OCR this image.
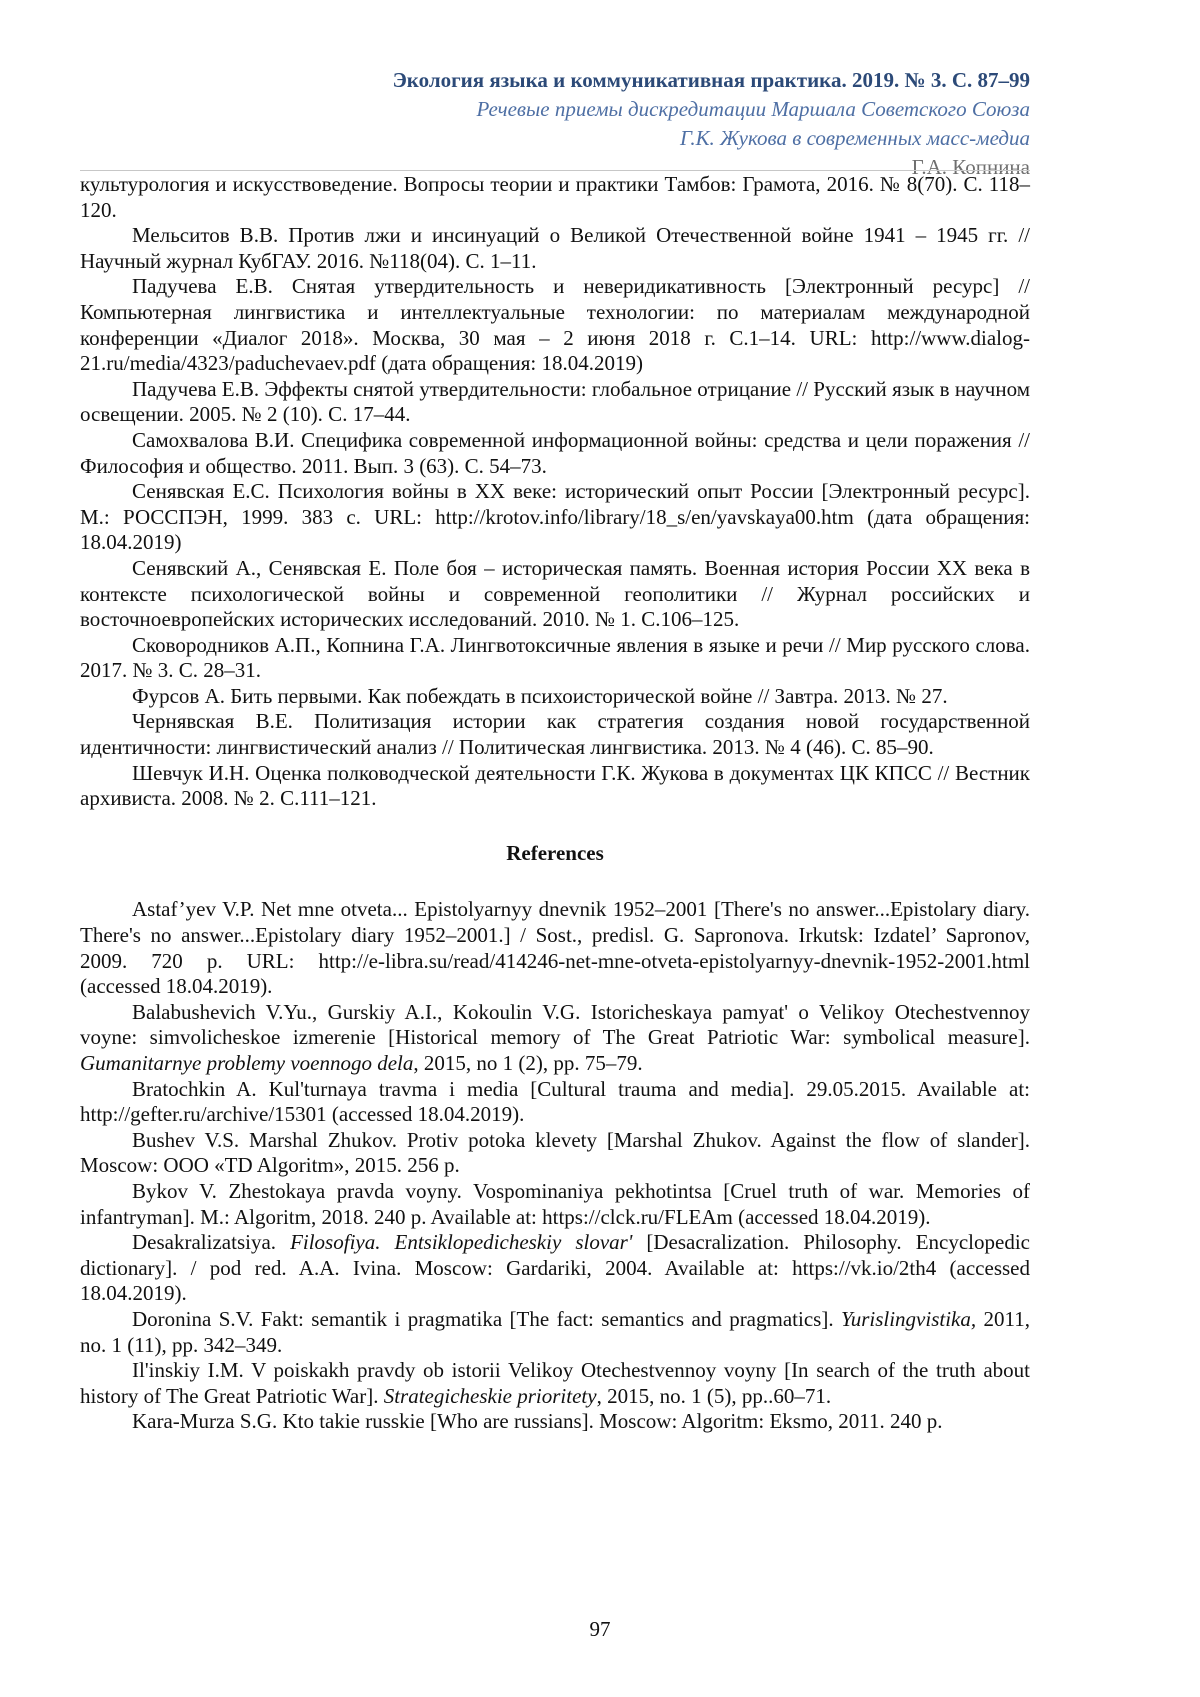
Экология языка и коммуникативная практика. 2019. № 3. С. 87–99
Речевые приемы дискредитации Маршала Советского Союза
Г.К. Жукова в современных масс-медиа
Г.А. Копнина

культурология и искусствоведение. Вопросы теории и практики Тамбов: Грамота, 2016. № 8(70). С. 118–120.

Мельситов В.В. Против лжи и инсинуаций о Великой Отечественной войне 1941 – 1945 гг. // Научный журнал КубГАУ. 2016. №118(04). С. 1–11.

Падучева Е.В. Снятая утвердительность и неверидикативность [Электронный ресурс] // Компьютерная лингвистика и интеллектуальные технологии: по материалам международной конференции «Диалог 2018». Москва, 30 мая – 2 июня 2018 г. С.1–14. URL: http://www.dialog-21.ru/media/4323/paduchevaev.pdf (дата обращения: 18.04.2019)

Падучева Е.В. Эффекты снятой утвердительности: глобальное отрицание // Русский язык в научном освещении. 2005. № 2 (10). С. 17–44.

Самохвалова В.И. Специфика современной информационной войны: средства и цели поражения // Философия и общество. 2011. Вып. 3 (63). С. 54–73.

Сенявская Е.С. Психология войны в XX веке: исторический опыт России [Электронный ресурс]. М.: РОССПЭН, 1999. 383 с. URL: http://krotov.info/library/18_s/en/yavskaya00.htm (дата обращения: 18.04.2019)

Сенявский А., Сенявская Е. Поле боя – историческая память. Военная история России XX века в контексте психологической войны и современной геополитики // Журнал российских и восточноевропейских исторических исследований. 2010. № 1. С.106–125.

Сковородников А.П., Копнина Г.А. Лингвотоксичные явления в языке и речи // Мир русского слова. 2017. № 3. С. 28–31.

Фурсов А. Бить первыми. Как побеждать в психоисторической войне // Завтра. 2013. № 27.

Чернявская В.Е. Политизация истории как стратегия создания новой государственной идентичности: лингвистический анализ // Политическая лингвистика. 2013. № 4 (46). С. 85–90.

Шевчук И.Н. Оценка полководческой деятельности Г.К. Жукова в документах ЦК КПСС // Вестник архивиста. 2008. № 2. С.111–121.

References

Astaf’yev V.P. Net mne otveta... Epistolyarnyy dnevnik 1952–2001 [There's no answer...Epistolary diary. There's no answer...Epistolary diary 1952–2001.] / Sost., predisl. G. Sapronova. Irkutsk: Izdatel’ Sapronov, 2009. 720 p. URL: http://e-libra.su/read/414246-net-mne-otveta-epistolyarnyy-dnevnik-1952-2001.html (accessed 18.04.2019).

Balabushevich V.Yu., Gurskiy A.I., Kokoulin V.G. Istoricheskaya pamyat' o Velikoy Otechestvennoy voyne: simvolicheskoe izmerenie [Historical memory of The Great Patriotic War: symbolical measure]. Gumanitarnye problemy voennogo dela, 2015, no 1 (2), pp. 75–79.

Bratochkin A. Kul'turnaya travma i media [Cultural trauma and media]. 29.05.2015. Available at: http://gefter.ru/archive/15301 (accessed 18.04.2019).

Bushev V.S. Marshal Zhukov. Protiv potoka klevety [Marshal Zhukov. Against the flow of slander]. Moscow: OOO «TD Algoritm», 2015. 256 p.

Bykov V. Zhestokaya pravda voyny. Vospominaniya pekhotintsa [Cruel truth of war. Memories of infantryman]. M.: Algoritm, 2018. 240 p. Available at: https://clck.ru/FLEAm (accessed 18.04.2019).

Desakralizatsiya. Filosofiya. Entsiklopedicheskiy slovar' [Desacralization. Philosophy. Encyclopedic dictionary]. / pod red. A.A. Ivina. Moscow: Gardariki, 2004. Available at: https://vk.io/2th4 (accessed 18.04.2019).

Doronina S.V. Fakt: semantik i pragmatika [The fact: semantics and pragmatics]. Yurislingvistika, 2011, no. 1 (11), pp. 342–349.

Il'inskiy I.M. V poiskakh pravdy ob istorii Velikoy Otechestvennoy voyny [In search of the truth about history of The Great Patriotic War]. Strategicheskie prioritety, 2015, no. 1 (5), pp..60–71.

Kara-Murza S.G. Kto takie russkie [Who are russians]. Moscow: Algoritm: Eksmo, 2011. 240 p.

97
